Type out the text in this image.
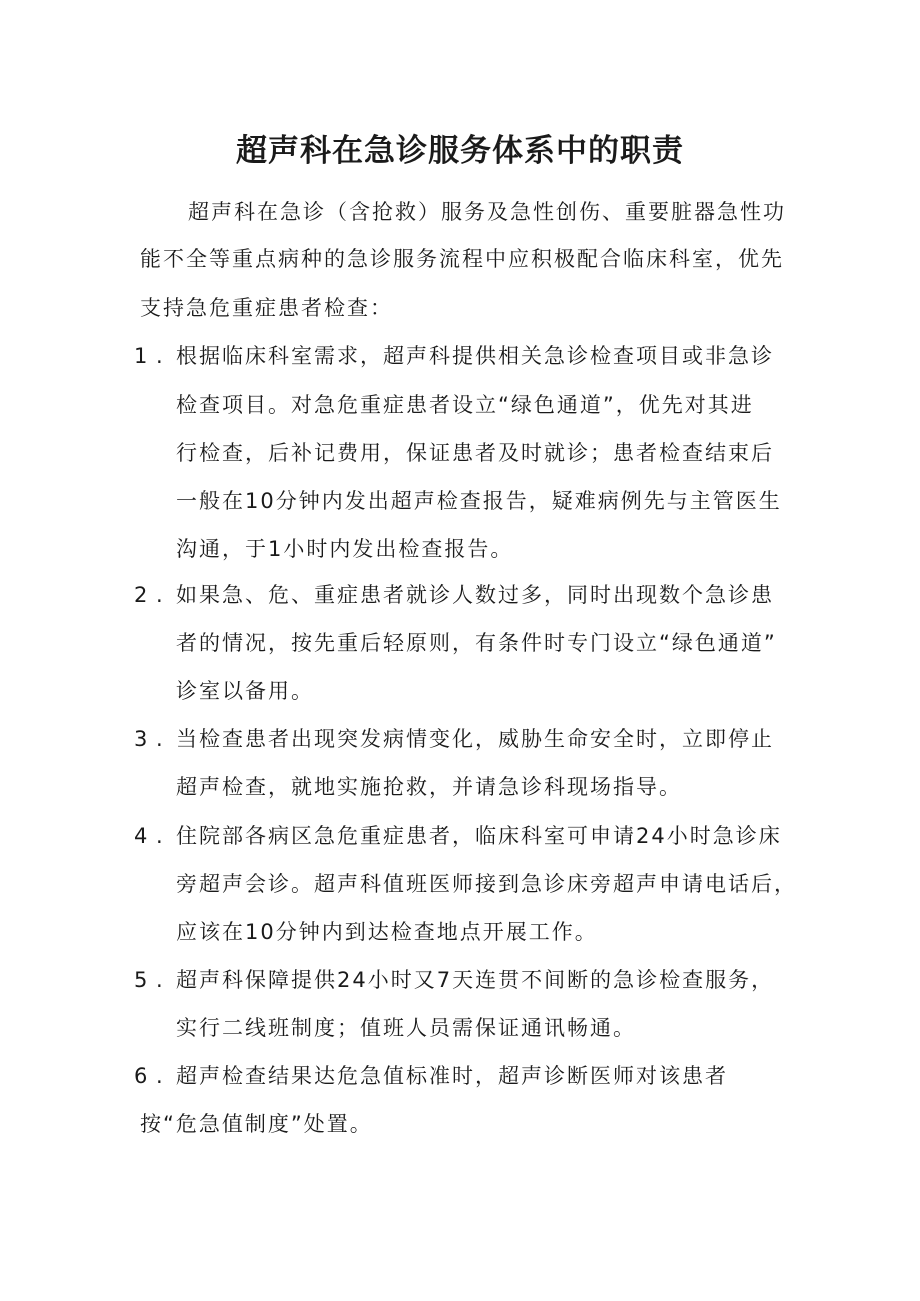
超声科在急诊服务体系中的职责
超声科在急诊（含抢救）服务及急性创伤、重要脏器急性功
能不全等重点病种的急诊服务流程中应积极配合临床科室，优先
支持急危重症患者检查：
1 . 根据临床科室需求，超声科提供相关急诊检查项目或非急诊
检查项目。对急危重症患者设立“绿色通道”，优先对其进
行检查，后补记费用，保证患者及时就诊；患者检查结束后
一般在10分钟内发出超声检查报告，疑难病例先与主管医生
沟通，于1小时内发出检查报告。
2 . 如果急、危、重症患者就诊人数过多，同时出现数个急诊患
者的情况，按先重后轻原则，有条件时专门设立“绿色通道”
诊室以备用。
3 . 当检查患者出现突发病情变化，威胁生命安全时，立即停止
超声检查，就地实施抢救，并请急诊科现场指导。
4 . 住院部各病区急危重症患者，临床科室可申请24小时急诊床
旁超声会诊。超声科值班医师接到急诊床旁超声申请电话后，
应该在10分钟内到达检查地点开展工作。
5 . 超声科保障提供24小时又7天连贯不间断的急诊检查服务，
实行二线班制度；值班人员需保证通讯畅通。
6 . 超声检查结果达危急值标准时，超声诊断医师对该患者
按“危急值制度”处置。
